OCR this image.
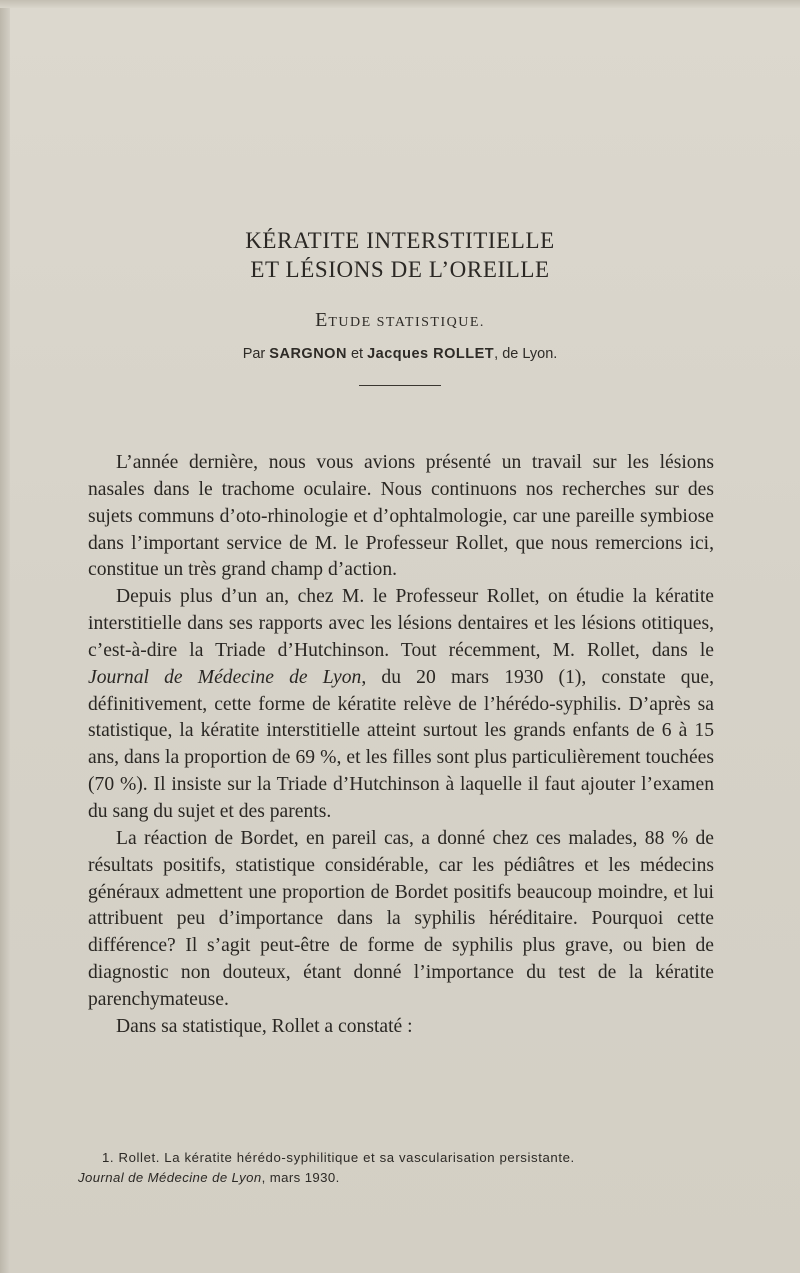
KÉRATITE INTERSTITIELLE
ET LÉSIONS DE L’OREILLE
ETUDE STATISTIQUE.
Par SARGNON et Jacques ROLLET, de Lyon.

L’année dernière, nous vous avions présenté un travail sur les lésions nasales dans le trachome oculaire. Nous continuons nos recherches sur des sujets communs d’oto-rhinologie et d’ophtalmologie, car une pareille symbiose dans l’important service de M. le Professeur Rollet, que nous remercions ici, constitue un très grand champ d’action.

Depuis plus d’un an, chez M. le Professeur Rollet, on étudie la kératite interstitielle dans ses rapports avec les lésions dentaires et les lésions otitiques, c’est-à-dire la Triade d’Hutchinson. Tout récemment, M. Rollet, dans le Journal de Médecine de Lyon, du 20 mars 1930 (1), constate que, définitivement, cette forme de kératite relève de l’hérédo-syphilis. D’après sa statistique, la kératite interstitielle atteint surtout les grands enfants de 6 à 15 ans, dans la proportion de 69 %, et les filles sont plus particulièrement touchées (70 %). Il insiste sur la Triade d’Hutchinson à laquelle il faut ajouter l’examen du sang du sujet et des parents.

La réaction de Bordet, en pareil cas, a donné chez ces malades, 88 % de résultats positifs, statistique considérable, car les pédiâtres et les médecins généraux admettent une proportion de Bordet positifs beaucoup moindre, et lui attribuent peu d’importance dans la syphilis héréditaire. Pourquoi cette différence? Il s’agit peut-être de forme de syphilis plus grave, ou bien de diagnostic non douteux, étant donné l’importance du test de la kératite parenchymateuse.

Dans sa statistique, Rollet a constaté :

1. Rollet. La kératite hérédo-syphilitique et sa vascularisation persistante.
Journal de Médecine de Lyon, mars 1930.
